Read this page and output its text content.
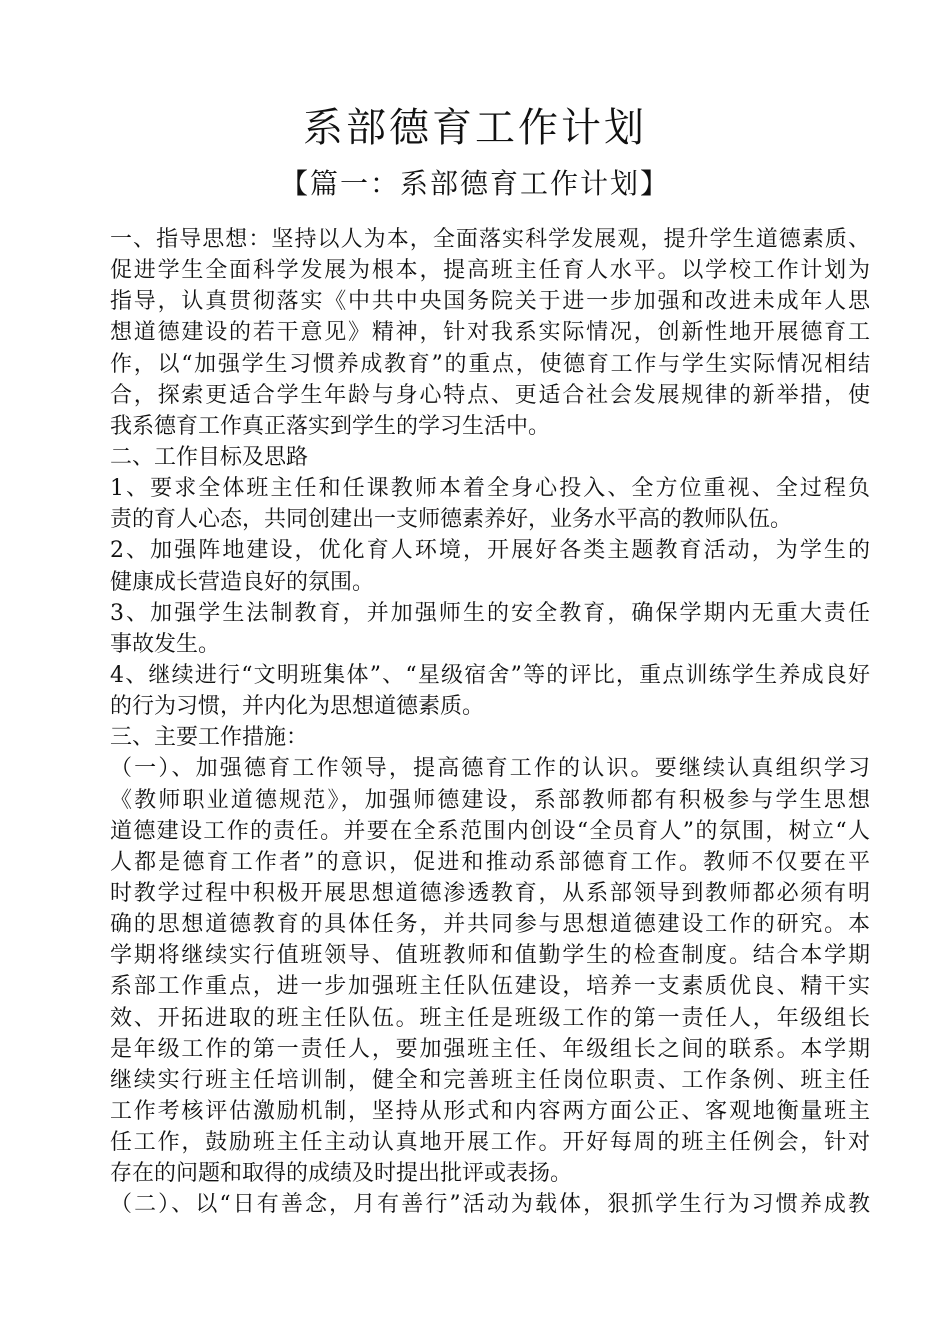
系部德育工作计划
【篇一：系部德育工作计划】
一、指导思想：坚持以人为本，全面落实科学发展观，提升学生道德素质、
促进学生全面科学发展为根本，提高班主任育人水平。以学校工作计划为
指导，认真贯彻落实《中共中央国务院关于进一步加强和改进未成年人思
想道德建设的若干意见》精神，针对我系实际情况，创新性地开展德育工
作，以“加强学生习惯养成教育”的重点，使德育工作与学生实际情况相结
合，探索更适合学生年龄与身心特点、更适合社会发展规律的新举措，使
我系德育工作真正落实到学生的学习生活中。
二、工作目标及思路
1、要求全体班主任和任课教师本着全身心投入、全方位重视、全过程负
责的育人心态，共同创建出一支师德素养好，业务水平高的教师队伍。
2、加强阵地建设，优化育人环境，开展好各类主题教育活动，为学生的
健康成长营造良好的氛围。
3、加强学生法制教育，并加强师生的安全教育，确保学期内无重大责任
事故发生。
4、继续进行“文明班集体”、“星级宿舍”等的评比，重点训练学生养成良好
的行为习惯，并内化为思想道德素质。
三、主要工作措施：
（一）、加强德育工作领导，提高德育工作的认识。要继续认真组织学习
《教师职业道德规范》，加强师德建设，系部教师都有积极参与学生思想
道德建设工作的责任。并要在全系范围内创设“全员育人”的氛围，树立“人
人都是德育工作者”的意识，促进和推动系部德育工作。教师不仅要在平
时教学过程中积极开展思想道德渗透教育，从系部领导到教师都必须有明
确的思想道德教育的具体任务，并共同参与思想道德建设工作的研究。本
学期将继续实行值班领导、值班教师和值勤学生的检查制度。结合本学期
系部工作重点，进一步加强班主任队伍建设，培养一支素质优良、精干实
效、开拓进取的班主任队伍。班主任是班级工作的第一责任人，年级组长
是年级工作的第一责任人，要加强班主任、年级组长之间的联系。本学期
继续实行班主任培训制，健全和完善班主任岗位职责、工作条例、班主任
工作考核评估激励机制，坚持从形式和内容两方面公正、客观地衡量班主
任工作，鼓励班主任主动认真地开展工作。开好每周的班主任例会，针对
存在的问题和取得的成绩及时提出批评或表扬。
（二）、以“日有善念，月有善行”活动为载体，狠抓学生行为习惯养成教
